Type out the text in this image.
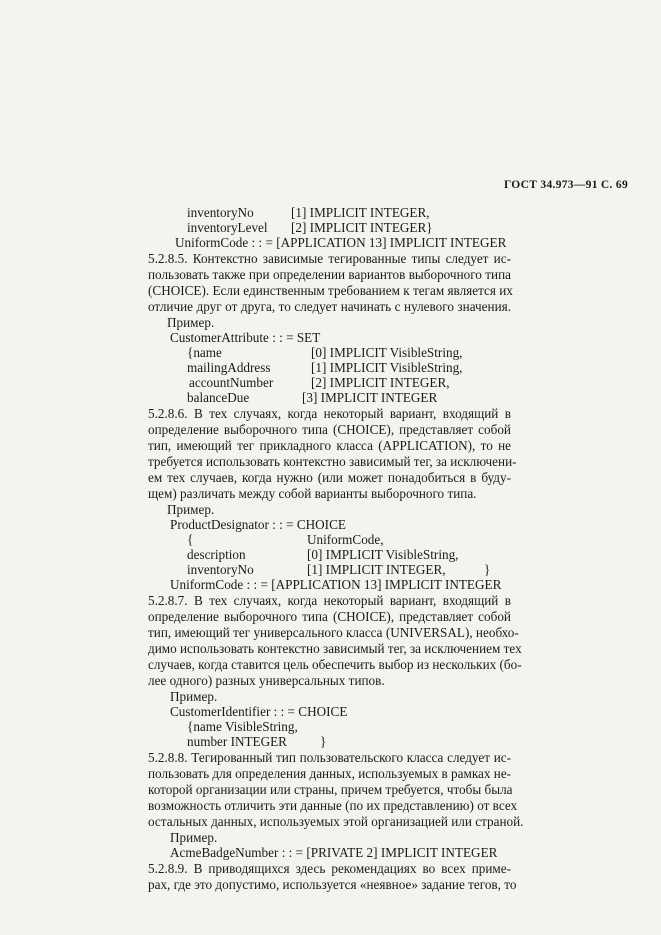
ГОСТ 34.973—91 С. 69
inventoryNo	[1] IMPLICIT INTEGER,
inventoryLevel [2] IMPLICIT INTEGER}
UniformCode : : = [APPLICATION 13] IMPLICIT INTEGER
5.2.8.5. Контекстно зависимые тегированные типы следует ис-
пользовать также при определении вариантов выборочного типа
(CHOICE). Если единственным требованием к тегам является их
отличие друг от друга, то следует начинать с нулевого значения.
Пример.
CustomerAttribute : : = SET
{name	[0] IMPLICIT VisibleString,
mailingAddress	[1] IMPLICIT VisibleString,
accountNumber	[2] IMPLICIT INTEGER,
balanceDue	[3] IMPLICIT INTEGER
5.2.8.6. В тех случаях, когда некоторый вариант, входящий в
определение выборочного типа (CHOICE), представляет собой
тип, имеющий тег прикладного класса (APPLICATION), то не
требуется использовать контекстно зависимый тег, за исключени-
ем тех случаев, когда нужно (или может понадобиться в буду-
щем) различать между собой варианты выборочного типа.
Пример.
ProductDesignator : : = CHOICE
{	UniformCode,
description	[0] IMPLICIT VisibleString,
inventoryNo	[1] IMPLICIT INTEGER,	}
UniformCode : : = [APPLICATION 13] IMPLICIT INTEGER
5.2.8.7. В тех случаях, когда некоторый вариант, входящий в
определение выборочного типа (CHOICE), представляет собой
тип, имеющий тег универсального класса (UNIVERSAL), необхо-
димо использовать контекстно зависимый тег, за исключением тех
случаев, когда ставится цель обеспечить выбор из нескольких (бо-
лее одного) разных универсальных типов.
Пример.
CustomerIdentifier : : = CHOICE
{name VisibleString,
number INTEGER	}
5.2.8.8. Тегированный тип пользовательского класса следует ис-
пользовать для определения данных, используемых в рамках не-
которой организации или страны, причем требуется, чтобы была
возможность отличить эти данные (по их представлению) от всех
остальных данных, используемых этой организацией или страной.
Пример.
AcmeBadgeNumber : : = [PRIVATE 2] IMPLICIT INTEGER
5.2.8.9. В приводящихся здесь рекомендациях во всех приме-
рах, где это допустимо, используется «неявное» задание тегов, то
